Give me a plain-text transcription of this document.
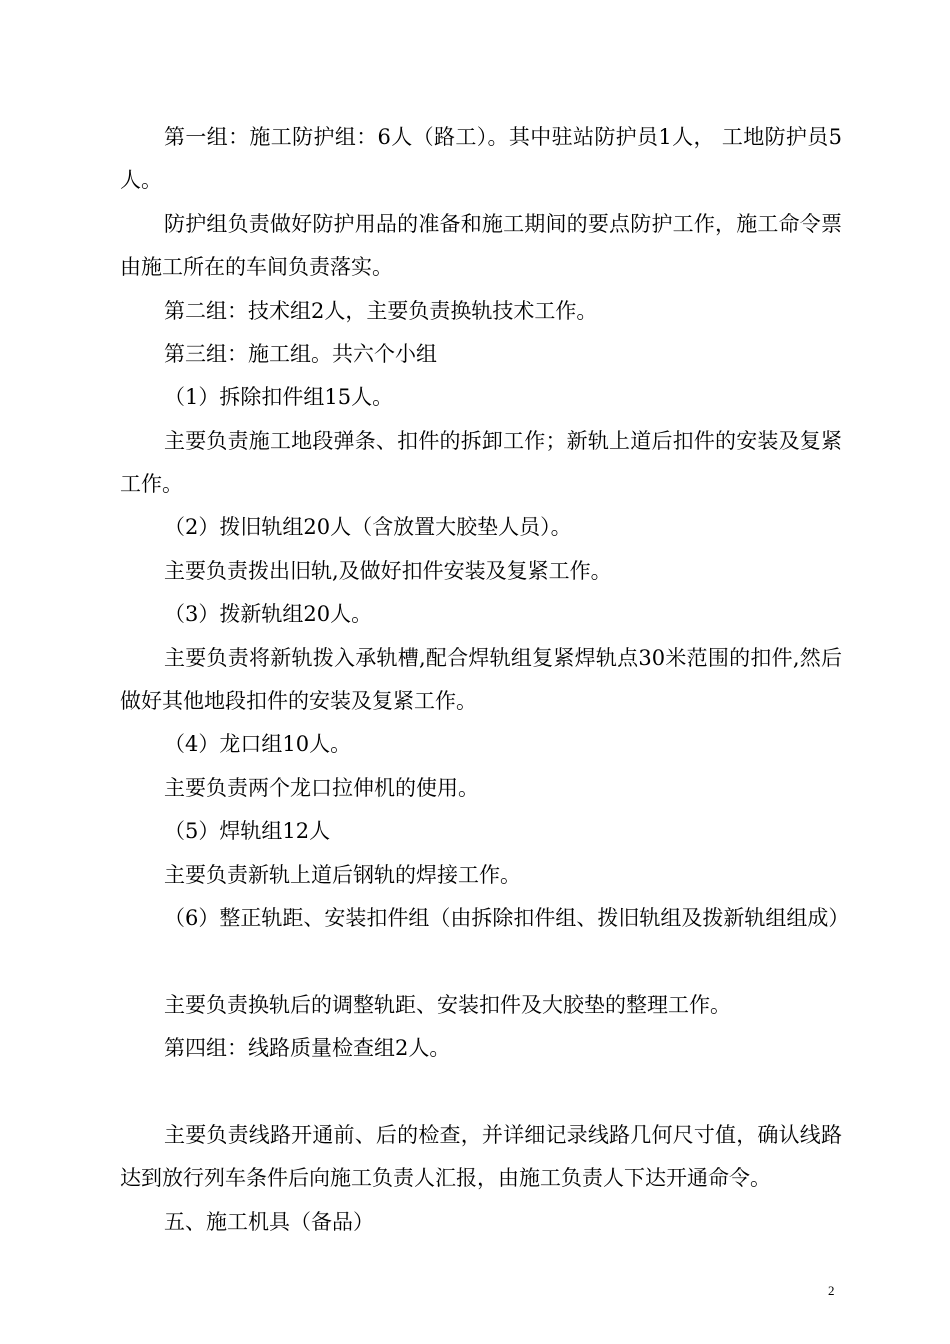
第一组：施工防护组：6人（路工）。其中驻站防护员1人， 工地防护员5人。

防护组负责做好防护用品的准备和施工期间的要点防护工作，施工命令票由施工所在的车间负责落实。

第二组：技术组2人，主要负责换轨技术工作。

第三组：施工组。共六个小组

（1）拆除扣件组15人。

主要负责施工地段弹条、扣件的拆卸工作；新轨上道后扣件的安装及复紧工作。

（2）拨旧轨组20人（含放置大胶垫人员）。

主要负责拨出旧轨,及做好扣件安装及复紧工作。

（3）拨新轨组20人。

主要负责将新轨拨入承轨槽,配合焊轨组复紧焊轨点30米范围的扣件,然后做好其他地段扣件的安装及复紧工作。

（4）龙口组10人。

主要负责两个龙口拉伸机的使用。

（5）焊轨组12人

主要负责新轨上道后钢轨的焊接工作。

（6）整正轨距、安装扣件组（由拆除扣件组、拨旧轨组及拨新轨组组成）

主要负责换轨后的调整轨距、安装扣件及大胶垫的整理工作。

第四组：线路质量检查组2人。

主要负责线路开通前、后的检查，并详细记录线路几何尺寸值，确认线路达到放行列车条件后向施工负责人汇报，由施工负责人下达开通命令。

五、施工机具（备品）

2
